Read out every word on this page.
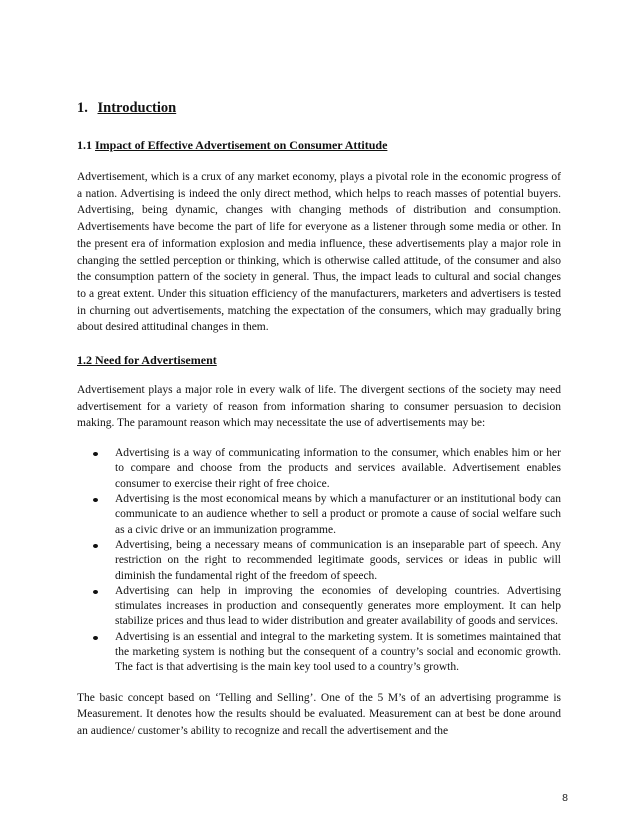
1. Introduction
1.1 Impact of Effective Advertisement on Consumer Attitude

Advertisement, which is a crux of any market economy, plays a pivotal role in the economic progress of a nation. Advertising is indeed the only direct method, which helps to reach masses of potential buyers. Advertising, being dynamic, changes with changing methods of distribution and consumption. Advertisements have become the part of life for everyone as a listener through some media or other. In the present era of information explosion and media influence, these advertisements play a major role in changing the settled perception or thinking, which is otherwise called attitude, of the consumer and also the consumption pattern of the society in general. Thus, the impact leads to cultural and social changes to a great extent. Under this situation efficiency of the manufacturers, marketers and advertisers is tested in churning out advertisements, matching the expectation of the consumers, which may gradually bring about desired attitudinal changes in them.

1.2 Need for Advertisement

Advertisement plays a major role in every walk of life. The divergent sections of the society may need advertisement for a variety of reason from information sharing to consumer persuasion to decision making. The paramount reason which may necessitate the use of advertisements may be:

Advertising is a way of communicating information to the consumer, which enables him or her to compare and choose from the products and services available. Advertisement enables consumer to exercise their right of free choice.
Advertising is the most economical means by which a manufacturer or an institutional body can communicate to an audience whether to sell a product or promote a cause of social welfare such as a civic drive or an immunization programme.
Advertising, being a necessary means of communication is an inseparable part of speech. Any restriction on the right to recommended legitimate goods, services or ideas in public will diminish the fundamental right of the freedom of speech.
Advertising can help in improving the economies of developing countries. Advertising stimulates increases in production and consequently generates more employment. It can help stabilize prices and thus lead to wider distribution and greater availability of goods and services.
Advertising is an essential and integral to the marketing system. It is sometimes maintained that the marketing system is nothing but the consequent of a country’s social and economic growth. The fact is that advertising is the main key tool used to a country’s growth.

The basic concept based on ‘Telling and Selling’. One of the 5 M’s of an advertising programme is Measurement. It denotes how the results should be evaluated. Measurement can at best be done around an audience/ customer’s ability to recognize and recall the advertisement and the

8
